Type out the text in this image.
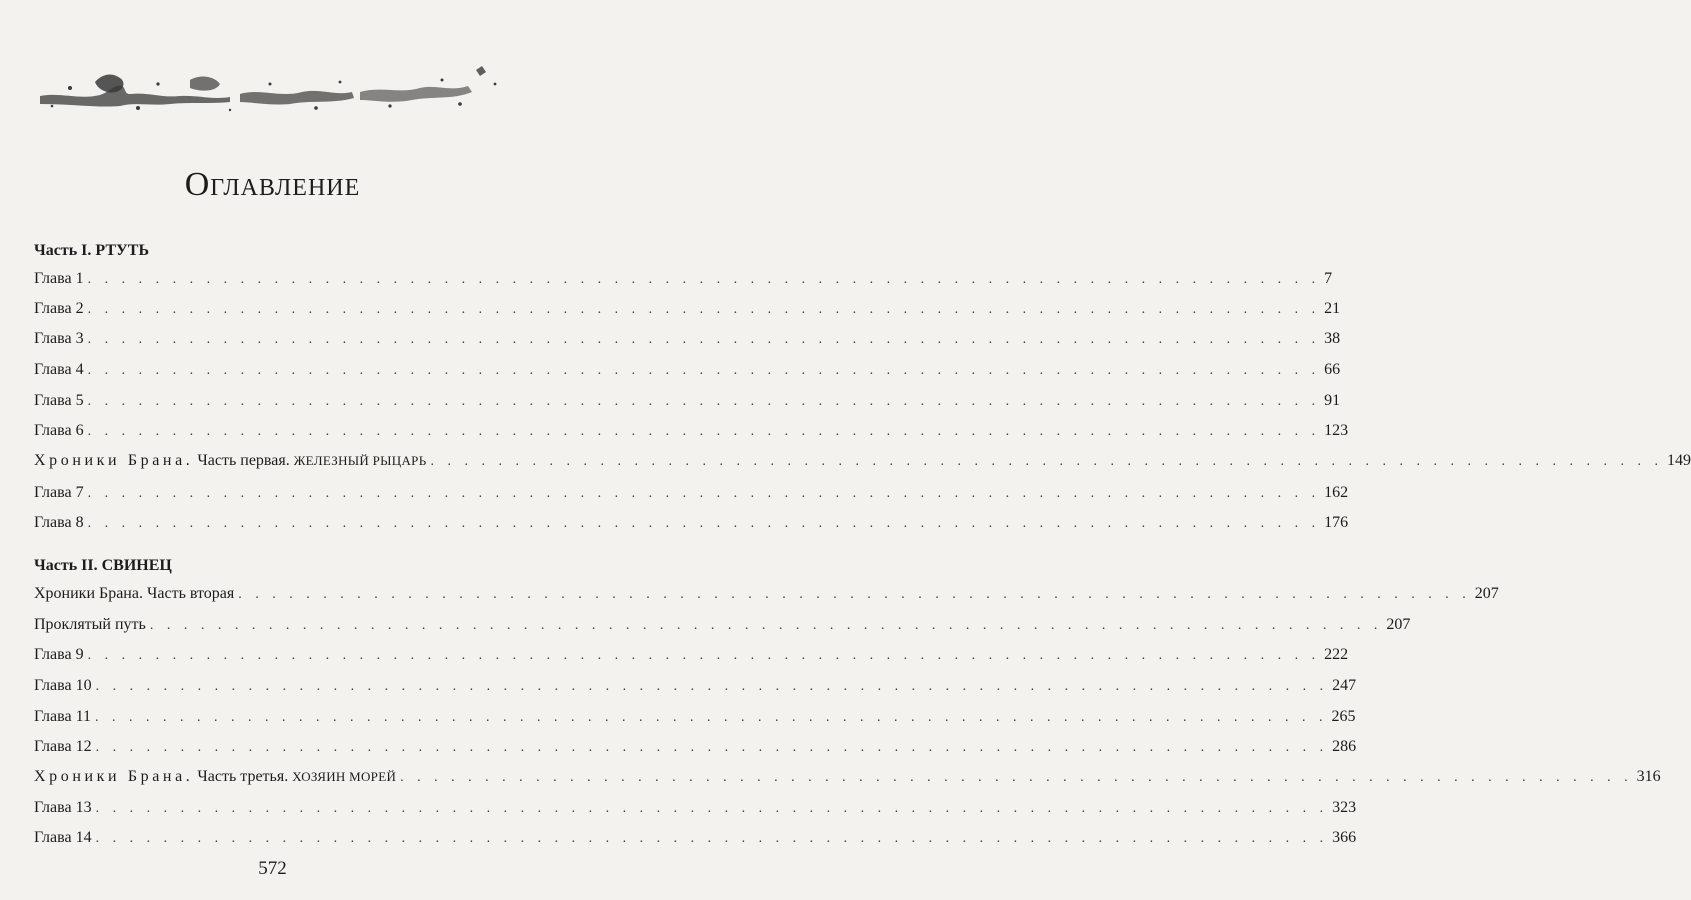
Оглавление
Часть I. РТУТЬ
Глава 1 . . . . . . . . . . . . . . . . . . . . . . . . . . . . . . . . . . . . . . . . . . . . . . . . . . . . . . . . . . . . . . . . . . . . . . . . . 7
Глава 2 . . . . . . . . . . . . . . . . . . . . . . . . . . . . . . . . . . . . . . . . . . . . . . . . . . . . . . . . . . . . . . . . . . . . . . . . . 21
Глава 3 . . . . . . . . . . . . . . . . . . . . . . . . . . . . . . . . . . . . . . . . . . . . . . . . . . . . . . . . . . . . . . . . . . . . . . . . . 38
Глава 4 . . . . . . . . . . . . . . . . . . . . . . . . . . . . . . . . . . . . . . . . . . . . . . . . . . . . . . . . . . . . . . . . . . . . . . . . . 66
Глава 5 . . . . . . . . . . . . . . . . . . . . . . . . . . . . . . . . . . . . . . . . . . . . . . . . . . . . . . . . . . . . . . . . . . . . . . . . . 91
Глава 6 . . . . . . . . . . . . . . . . . . . . . . . . . . . . . . . . . . . . . . . . . . . . . . . . . . . . . . . . . . . . . . . . . . . . . . . . . 123
Хроники Брана. Часть первая. ЖЕЛЕЗНЫЙ РЫЦАРЬ . . . . . . . . . . . . . . . . . . . . . . . . . . . . . . . . . . . . . . . . . . . . . . . . . . . . . . . . . . . . . . . . . . . . . . . . . 149
Глава 7 . . . . . . . . . . . . . . . . . . . . . . . . . . . . . . . . . . . . . . . . . . . . . . . . . . . . . . . . . . . . . . . . . . . . . . . . . 162
Глава 8 . . . . . . . . . . . . . . . . . . . . . . . . . . . . . . . . . . . . . . . . . . . . . . . . . . . . . . . . . . . . . . . . . . . . . . . . . 176
Часть II. СВИНЕЦ
Хроники Брана. Часть вторая . . . . . . . . . . . . . . . . . . . . . . . . . . . . . . . . . . . . . . . . . . . . . . . . . . . . . . . . . . . . . . . . . . . . . . . . . 207
Проклятый путь . . . . . . . . . . . . . . . . . . . . . . . . . . . . . . . . . . . . . . . . . . . . . . . . . . . . . . . . . . . . . . . . . . . . . . . . . 207
Глава 9 . . . . . . . . . . . . . . . . . . . . . . . . . . . . . . . . . . . . . . . . . . . . . . . . . . . . . . . . . . . . . . . . . . . . . . . . . 222
Глава 10 . . . . . . . . . . . . . . . . . . . . . . . . . . . . . . . . . . . . . . . . . . . . . . . . . . . . . . . . . . . . . . . . . . . . . . . . . 247
Глава 11 . . . . . . . . . . . . . . . . . . . . . . . . . . . . . . . . . . . . . . . . . . . . . . . . . . . . . . . . . . . . . . . . . . . . . . . . . 265
Глава 12 . . . . . . . . . . . . . . . . . . . . . . . . . . . . . . . . . . . . . . . . . . . . . . . . . . . . . . . . . . . . . . . . . . . . . . . . . 286
Хроники Брана. Часть третья. ХОЗЯИН МОРЕЙ . . . . . . . . . . . . . . . . . . . . . . . . . . . . . . . . . . . . . . . . . . . . . . . . . . . . . . . . . . . . . . . . . . . . . . . . . 316
Глава 13 . . . . . . . . . . . . . . . . . . . . . . . . . . . . . . . . . . . . . . . . . . . . . . . . . . . . . . . . . . . . . . . . . . . . . . . . . 323
Глава 14 . . . . . . . . . . . . . . . . . . . . . . . . . . . . . . . . . . . . . . . . . . . . . . . . . . . . . . . . . . . . . . . . . . . . . . . . . 366
572
